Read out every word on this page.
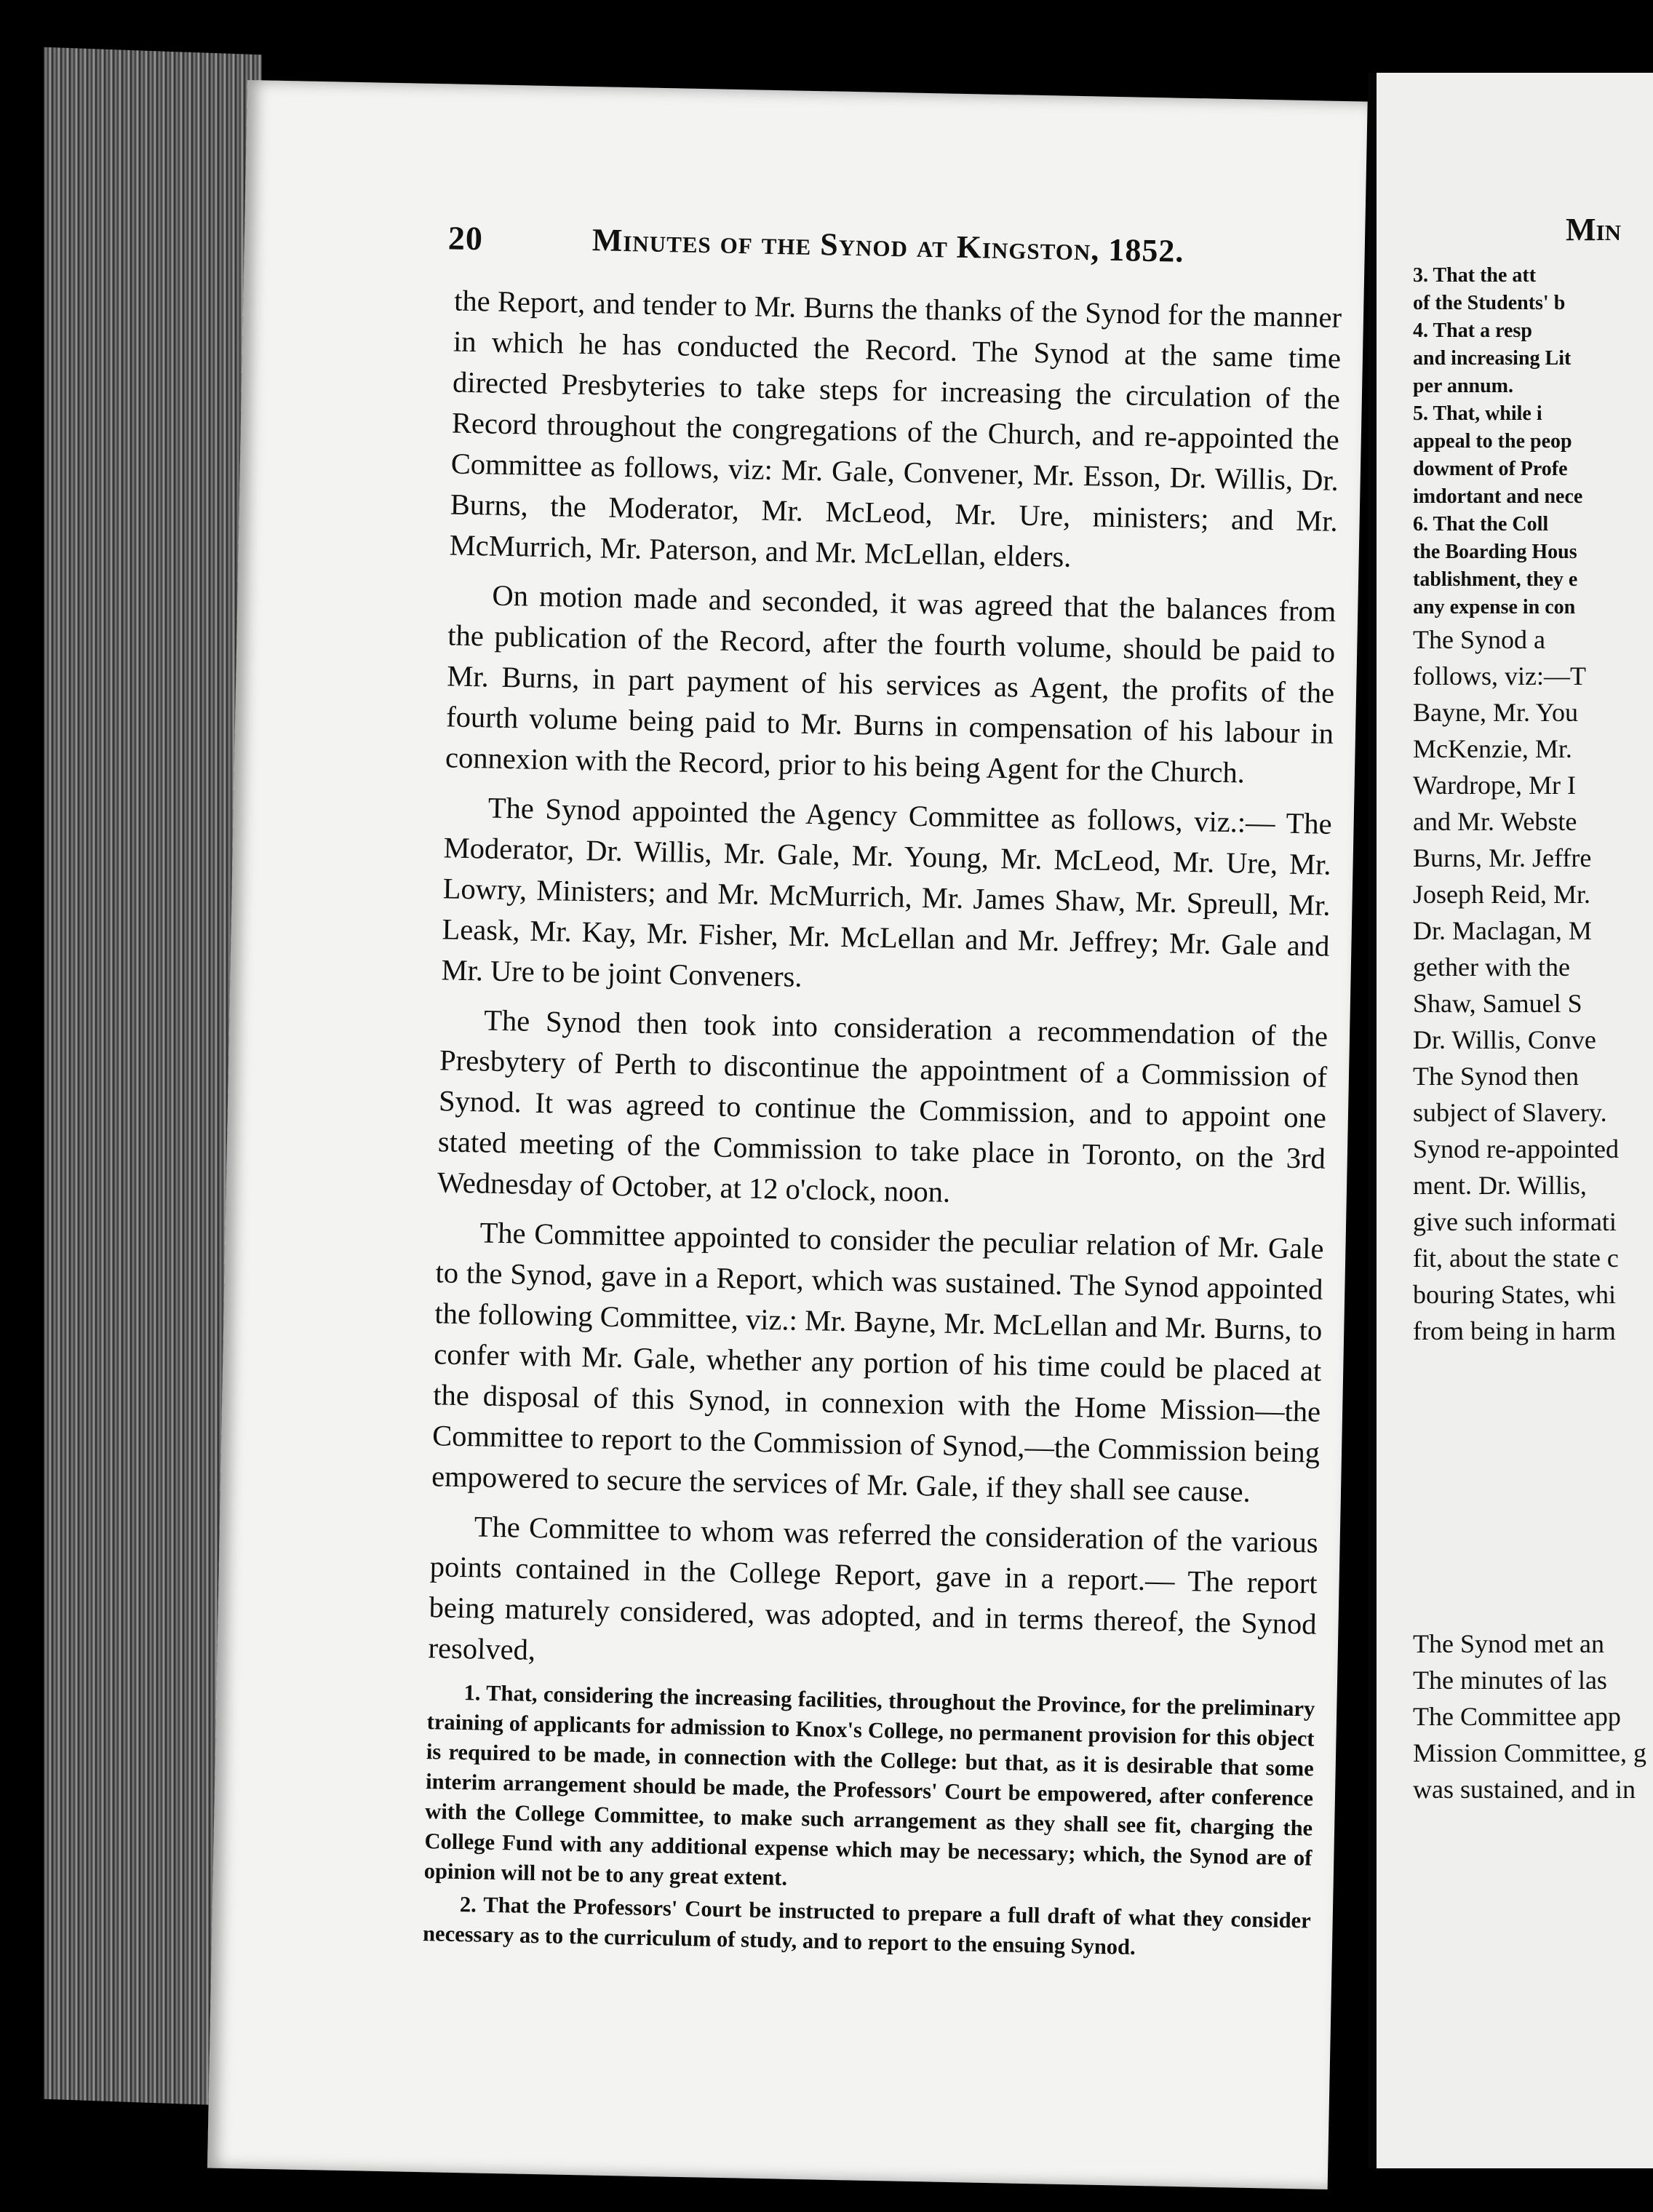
20	Minutes of the Synod at Kingston, 1852.

the Report, and tender to Mr. Burns the thanks of the Synod for the manner in which he has conducted the Record. The Synod at the same time directed Presbyteries to take steps for increasing the circulation of the Record throughout the congregations of the Church, and re-appointed the Committee as follows, viz: Mr. Gale, Convener, Mr. Esson, Dr. Willis, Dr. Burns, the Moderator, Mr. McLeod, Mr. Ure, ministers; and Mr. McMurrich, Mr. Paterson, and Mr. McLellan, elders.

On motion made and seconded, it was agreed that the balances from the publication of the Record, after the fourth volume, should be paid to Mr. Burns, in part payment of his services as Agent, the profits of the fourth volume being paid to Mr. Burns in compensation of his labour in connexion with the Record, prior to his being Agent for the Church.

The Synod appointed the Agency Committee as follows, viz.:— The Moderator, Dr. Willis, Mr. Gale, Mr. Young, Mr. McLeod, Mr. Ure, Mr. Lowry, Ministers; and Mr. McMurrich, Mr. James Shaw, Mr. Spreull, Mr. Leask, Mr. Kay, Mr. Fisher, Mr. McLellan and Mr. Jeffrey; Mr. Gale and Mr. Ure to be joint Conveners.

The Synod then took into consideration a recommendation of the Presbytery of Perth to discontinue the appointment of a Commission of Synod. It was agreed to continue the Commission, and to appoint one stated meeting of the Commission to take place in Toronto, on the 3rd Wednesday of October, at 12 o'clock, noon.

The Committee appointed to consider the peculiar relation of Mr. Gale to the Synod, gave in a Report, which was sustained. The Synod appointed the following Committee, viz.: Mr. Bayne, Mr. McLellan and Mr. Burns, to confer with Mr. Gale, whether any portion of his time could be placed at the disposal of this Synod, in connexion with the Home Mission—the Committee to report to the Commission of Synod,—the Commission being empowered to secure the services of Mr. Gale, if they shall see cause.

The Committee to whom was referred the consideration of the various points contained in the College Report, gave in a report.— The report being maturely considered, was adopted, and in terms thereof, the Synod resolved,

1. That, considering the increasing facilities, throughout the Province, for the preliminary training of applicants for admission to Knox's College, no permanent provision for this object is required to be made, in connection with the College: but that, as it is desirable that some interim arrangement should be made, the Professors' Court be empowered, after conference with the College Committee, to make such arrangement as they shall see fit, charging the College Fund with any additional expense which may be necessary; which, the Synod are of opinion will not be to any great extent.

2. That the Professors' Court be instructed to prepare a full draft of what they consider necessary as to the curriculum of study, and to report to the ensuing Synod.

Min
3. That the att
of the Students' b
4. That a resp
and increasing Lit
per annum.
5. That, while i
appeal to the peop
dowment of Profe
imdortant and nece
6. That the Coll
the Boarding Hous
tablishment, they e
any expense in con
The Synod a
follows, viz:—T
Bayne, Mr. You
McKenzie, Mr.
Wardrope, Mr I
and Mr. Webste
Burns, Mr. Jeffre
Joseph Reid, Mr.
Dr. Maclagan, M
gether with the
Shaw, Samuel S
Dr. Willis, Conve
The Synod then
subject of Slavery.
Synod re-appointed
ment. Dr. Willis,
give such informati
fit, about the state c
bouring States, whi
from being in harm
The Synod met an
The minutes of las
The Committee app
Mission Committee, g
was sustained, and in
